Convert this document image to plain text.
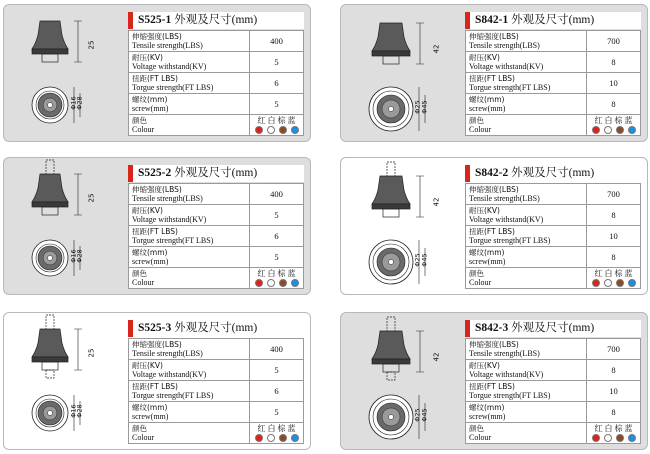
25
Φ16
Φ28
S525-1 外观及尺寸(mm)
伸缩强度(LBS)
Tensile strength(LBS)	400

耐压(KV)
Voltage withstand(KV)	5

扭距(FT LBS)
Torgue strength(FT LBS)	6

螺纹(mm)
screw(mm)	5

颜色
Colour	红 白 棕 蓝
42
Φ25 Φ45
S842-1 外观及尺寸(mm)
伸缩强度(LBS)
Tensile strength(LBS)	700

耐压(KV)
Voltage withstand(KV)	8

扭距(FT LBS)
Torgue strength(FT LBS)	10

螺纹(mm)
screw(mm)	8

颜色
Colour	红 白 棕 蓝
25
Φ16
Φ28
S525-2 外观及尺寸(mm)
伸缩强度(LBS)
Tensile strength(LBS)	400

耐压(KV)
Voltage withstand(KV)	5

扭距(FT LBS)
Torgue strength(FT LBS)	6

螺纹(mm)
screw(mm)	5

颜色
Colour	红 白 棕 蓝
42
Φ25 Φ45
S842-2 外观及尺寸(mm)
伸缩强度(LBS)
Tensile strength(LBS)	700

耐压(KV)
Voltage withstand(KV)	8

扭距(FT LBS)
Torgue strength(FT LBS)	10

螺纹(mm)
screw(mm)	8

颜色
Colour	红 白 棕 蓝
25
Φ16
Φ28
S525-3 外观及尺寸(mm)
伸缩强度(LBS)
Tensile strength(LBS)	400

耐压(KV)
Voltage withstand(KV)	5

扭距(FT LBS)
Torgue strength(FT LBS)	6

螺纹(mm)
screw(mm)	5

颜色
Colour	红 白 棕 蓝
42
Φ25 Φ45
S842-3 外观及尺寸(mm)
伸缩强度(LBS)
Tensile strength(LBS)	700

耐压(KV)
Voltage withstand(KV)	8

扭距(FT LBS)
Torgue strength(FT LBS)	10

螺纹(mm)
screw(mm)	8

颜色
Colour	红 白 棕 蓝
